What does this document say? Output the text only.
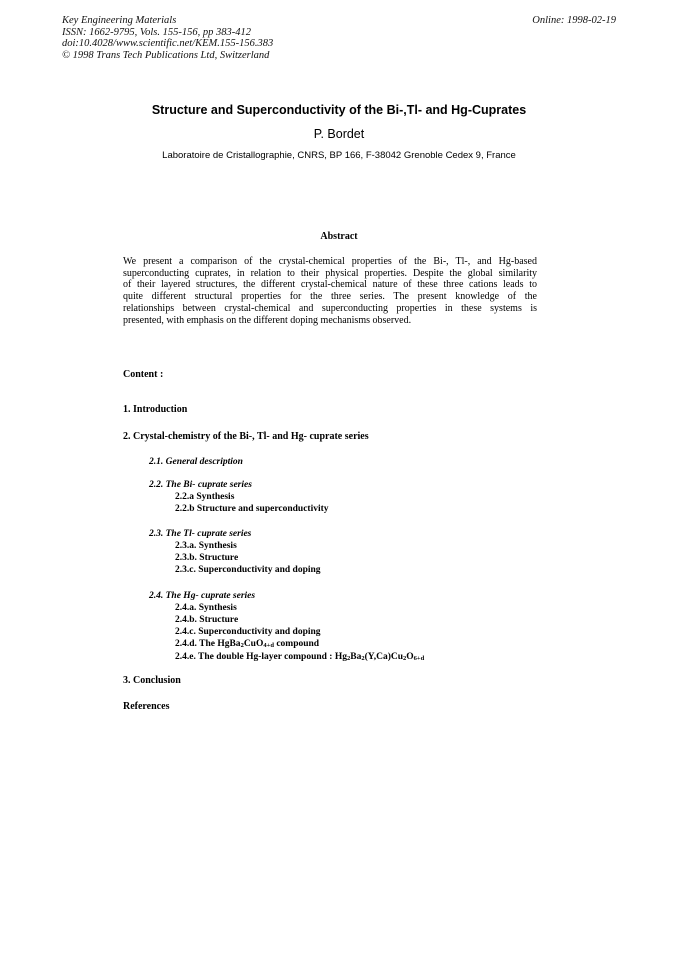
Key Engineering Materials
ISSN: 1662-9795, Vols. 155-156, pp 383-412
doi:10.4028/www.scientific.net/KEM.155-156.383
© 1998 Trans Tech Publications Ltd, Switzerland
Online: 1998-02-19
Structure and Superconductivity of the Bi-,Tl- and Hg-Cuprates
P. Bordet
Laboratoire de Cristallographie, CNRS, BP 166, F-38042 Grenoble Cedex 9, France
Abstract
We present a comparison of the crystal-chemical properties of the Bi-, Tl-, and Hg-based
superconducting cuprates, in relation to their physical properties. Despite the global similarity
of their layered structures, the different crystal-chemical nature of these three cations leads to
quite different structural properties for the three series. The present knowledge of the
relationships between crystal-chemical and superconducting properties in these systems is
presented, with emphasis on the different doping mechanisms observed.
Content :
1. Introduction
2. Crystal-chemistry of the Bi-, Tl- and Hg- cuprate series
2.1. General description
2.2. The Bi- cuprate series
2.2.a Synthesis
2.2.b Structure and superconductivity
2.3. The Tl- cuprate series
2.3.a. Synthesis
2.3.b. Structure
2.3.c. Superconductivity and doping
2.4. The Hg- cuprate series
2.4.a. Synthesis
2.4.b. Structure
2.4.c. Superconductivity and doping
2.4.d. The HgBa$_2$CuO$_{4+d}$ compound
2.4.e. The double Hg-layer compound : $Hg_2Ba_2(Y,Ca)Cu_2O_{6+d}$
3. Conclusion
References
